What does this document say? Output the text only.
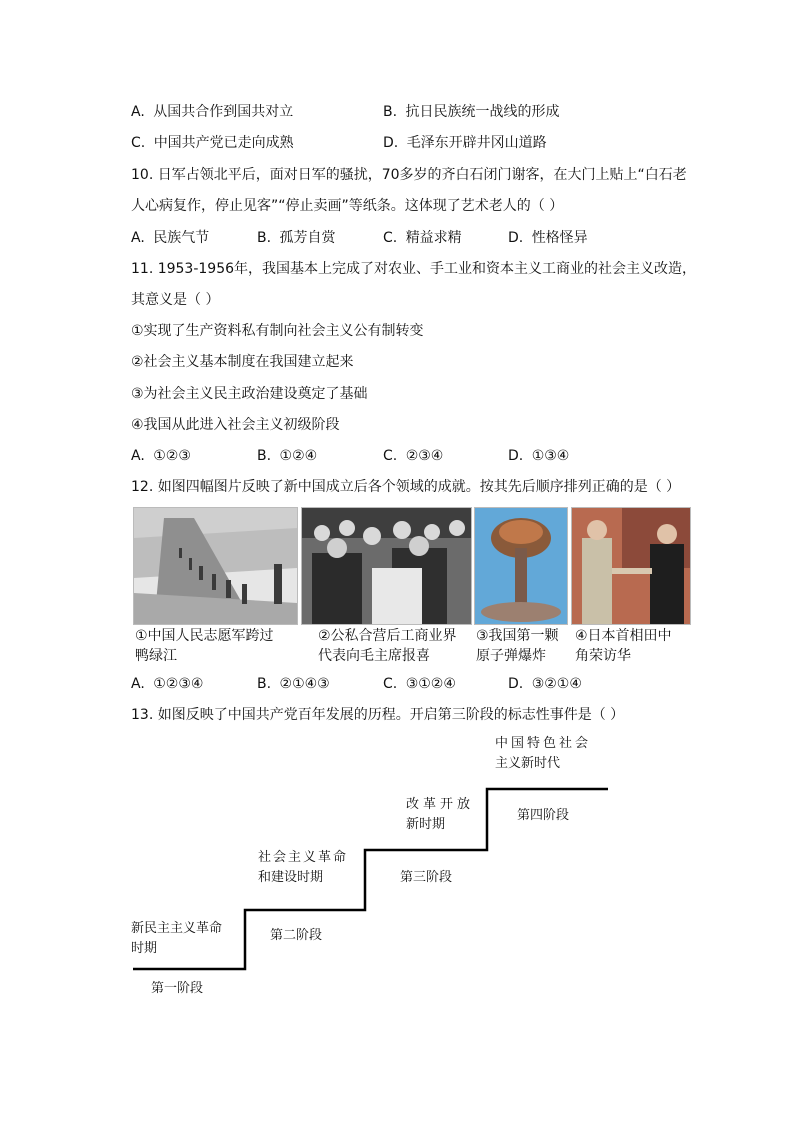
A. 从国共合作到国共对立	B. 抗日民族统一战线的形成
C. 中国共产党已走向成熟	D. 毛泽东开辟井冈山道路
10. 日军占领北平后，面对日军的骚扰，70多岁的齐白石闭门谢客，在大门上贴上“白石老
人心病复作，停止见客”“停止卖画”等纸条。这体现了艺术老人的（ ）
A. 民族气节	B. 孤芳自赏	C. 精益求精	D. 性格怪异
11. 1953-1956年，我国基本上完成了对农业、手工业和资本主义工商业的社会主义改造，
其意义是（ ）
①实现了生产资料私有制向社会主义公有制转变
②社会主义基本制度在我国建立起来
③为社会主义民主政治建设奠定了基础
④我国从此进入社会主义初级阶段
A. ①②③	B. ①②④	C. ②③④	D. ①③④
12. 如图四幅图片反映了新中国成立后各个领域的成就。按其先后顺序排列正确的是（ ）
①中国人民志愿军跨过
鸭绿江
②公私合营后工商业界
代表向毛主席报喜
③我国第一颗
原子弹爆炸
④日本首相田中
角荣访华
A. ①②③④	B. ②①④③	C. ③①②④	D. ③②①④
13. 如图反映了中国共产党百年发展的历程。开启第三阶段的标志性事件是（ ）
新民主主义革命
时期
社会主义革命
和建设时期
改革开放
新时期
中国特色社会
主义新时代
第一阶段
第二阶段
第三阶段
第四阶段
